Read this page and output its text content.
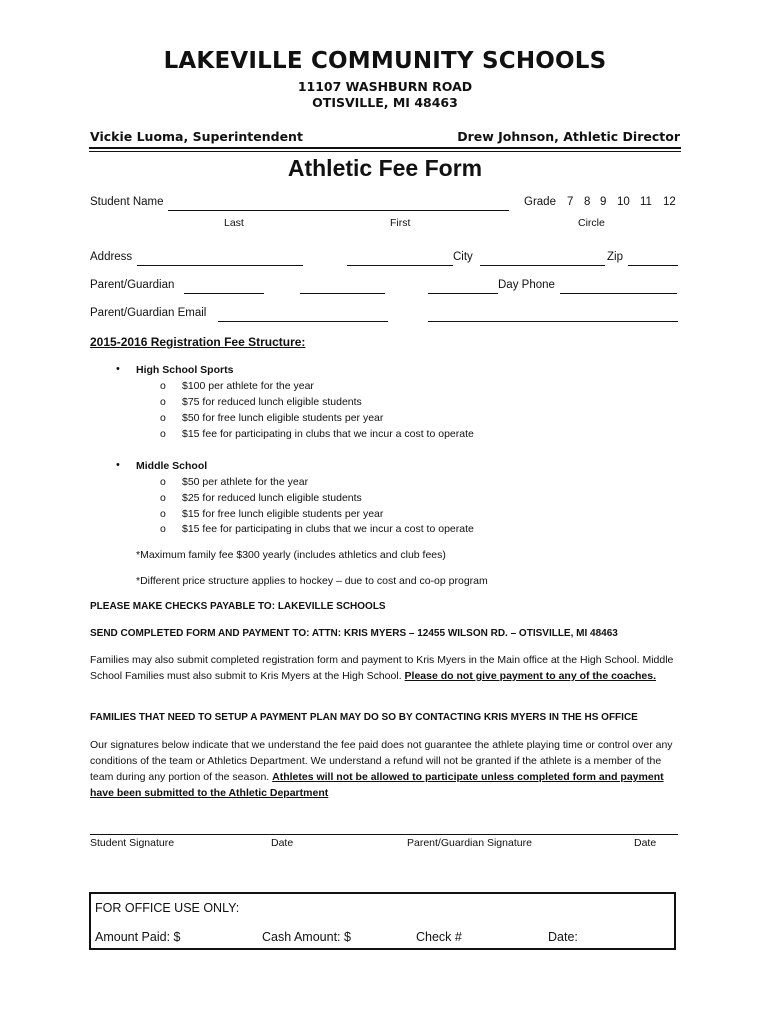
LAKEVILLE COMMUNITY SCHOOLS
11107 WASHBURN ROAD
OTISVILLE, MI 48463
Vickie Luoma, Superintendent	Drew Johnson, Athletic Director
Athletic Fee Form
Student Name	Grade 7 8 9 10 11 12
Last	First	Circle
Address	City	Zip
Parent/Guardian	Day Phone
Parent/Guardian Email
2015-2016 Registration Fee Structure:
• High School Sports
o $100 per athlete for the year
o $75 for reduced lunch eligible students
o $50 for free lunch eligible students per year
o $15 fee for participating in clubs that we incur a cost to operate
• Middle School
o $50 per athlete for the year
o $25 for reduced lunch eligible students
o $15 for free lunch eligible students per year
o $15 fee for participating in clubs that we incur a cost to operate
*Maximum family fee $300 yearly (includes athletics and club fees)
*Different price structure applies to hockey – due to cost and co-op program
PLEASE MAKE CHECKS PAYABLE TO: LAKEVILLE SCHOOLS
SEND COMPLETED FORM AND PAYMENT TO: ATTN: KRIS MYERS – 12455 WILSON RD. – OTISVILLE, MI 48463
Families may also submit completed registration form and payment to Kris Myers in the Main office at the High School. Middle School Families must also submit to Kris Myers at the High School. Please do not give payment to any of the coaches.
FAMILIES THAT NEED TO SETUP A PAYMENT PLAN MAY DO SO BY CONTACTING KRIS MYERS IN THE HS OFFICE
Our signatures below indicate that we understand the fee paid does not guarantee the athlete playing time or control over any conditions of the team or Athletics Department. We understand a refund will not be granted if the athlete is a member of the team during any portion of the season. Athletes will not be allowed to participate unless completed form and payment have been submitted to the Athletic Department
Student Signature	Date	Parent/Guardian Signature	Date
FOR OFFICE USE ONLY:
Amount Paid: $	Cash Amount: $	Check #	Date:
